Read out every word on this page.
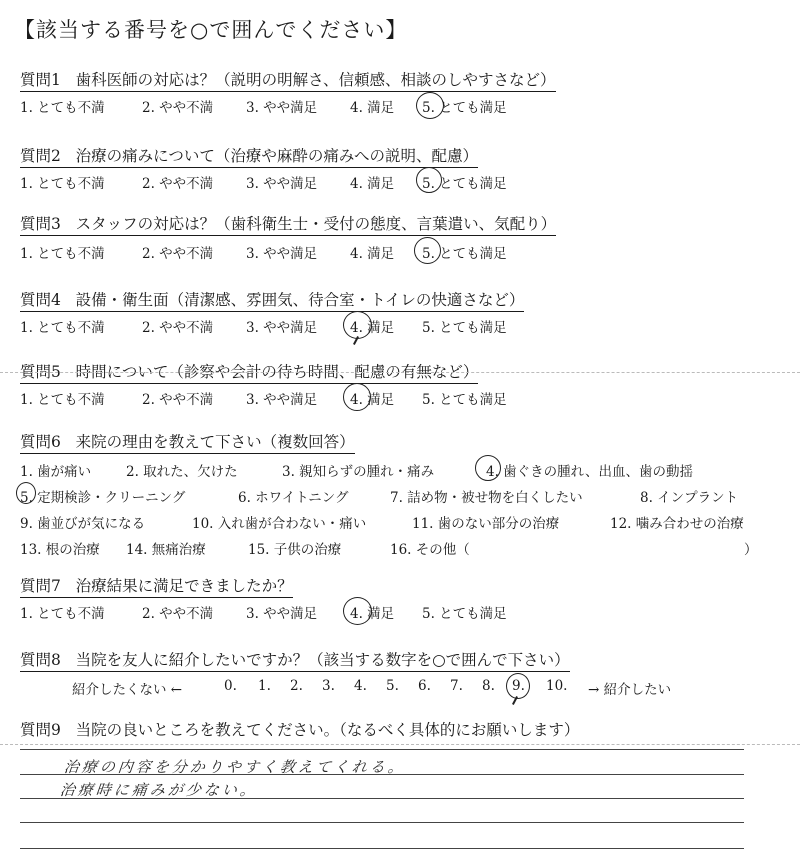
【該当する番号を○で囲んでください】
質問1 歯科医師の対応は？（説明の明解さ、信頼感、相談のしやすさなど）
1. とても不満	2. やや不満 3. やや満足 4. 満足 5. とても満足
質問2 治療の痛みについて（治療や麻酔の痛みへの説明、配慮）
1. とても不満	2. やや不満 3. やや満足 4. 満足 5. とても満足
質問3 スタッフの対応は？（歯科衛生士・受付の態度、言葉遣い、気配り）
1. とても不満	2. やや不満 3. やや満足 4. 満足 5. とても満足
質問4 設備・衛生面（清潔感、雰囲気、待合室・トイレの快適さなど）
1. とても不満	2. やや不満 3. やや満足 4. 満足 5. とても満足
質問5 時間について（診察や会計の待ち時間、配慮の有無など）
1. とても不満	2. やや不満 3. やや満足 4. 満足 5. とても満足
質問6 来院の理由を教えて下さい（複数回答）
1. 歯が痛い	2. 取れた、欠けた	3. 親知らずの腫れ・痛み	4. 歯ぐきの腫れ、出血、歯の動揺
5. 定期検診・クリーニング	6. ホワイトニング	7. 詰め物・被せ物を白くしたい	8. インプラント
9. 歯並びが気になる	10. 入れ歯が合わない・痛い	11. 歯のない部分の治療	12. 噛み合わせの治療
13. 根の治療 14. 無痛治療	15. 子供の治療	16. その他（	）
質問7 治療結果に満足できましたか？
1. とても不満	2. やや不満 3. やや満足 4. 満足 5. とても満足
質問8 当院を友人に紹介したいですか？（該当する数字を○で囲んで下さい）
紹介したくない ←	0. 1. 2. 3. 4. 5. 6. 7. 8. 9. 10. → 紹介したい
質問9 当院の良いところを教えてください。（なるべく具体的にお願いします）
治療の内容を分かりやすく教えてくれる。
治療時に痛みが少ない。
